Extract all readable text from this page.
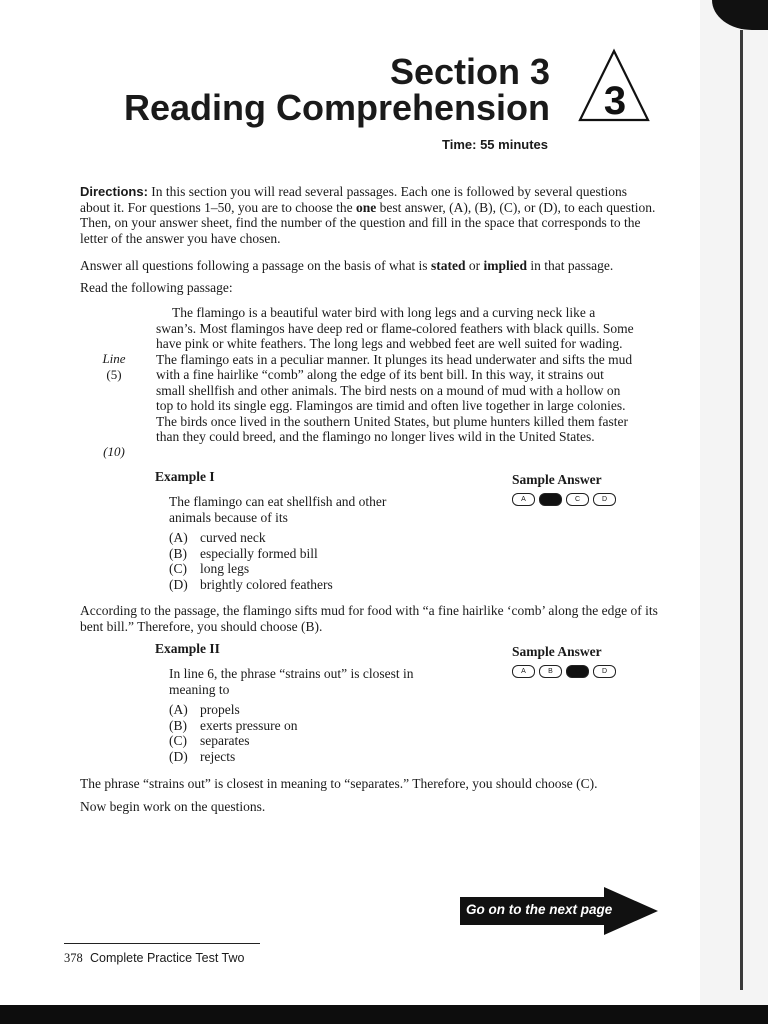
Section 3
Reading Comprehension 3
Time: 55 minutes
Directions: In this section you will read several passages. Each one is followed by several questions about it. For questions 1–50, you are to choose the one best answer, (A), (B), (C), or (D), to each question. Then, on your answer sheet, find the number of the question and fill in the space that corresponds to the letter of the answer you have chosen.
Answer all questions following a passage on the basis of what is stated or implied in that passage.
Read the following passage:

The flamingo is a beautiful water bird with long legs and a curving neck like a swan’s. Most flamingos have deep red or flame-colored feathers with black quills. Some have pink or white feathers. The long legs and webbed feet are well suited for wading. The flamingo eats in a peculiar manner. It plunges its head underwater and sifts the mud with a fine hairlike “comb” along the edge of its bent bill. In this way, it strains out small shellfish and other animals. The bird nests on a mound of mud with a hollow on top to hold its single egg. Flamingos are timid and often live together in large colonies. The birds once lived in the southern United States, but plume hunters killed them faster than they could breed, and the flamingo no longer lives wild in the United States.

Line
(5)
(10)
Example I	Sample Answer
A	B	C	D
The flamingo can eat shellfish and other animals because of its
(A) curved neck
(B) especially formed bill
(C) long legs
(D) brightly colored feathers
According to the passage, the flamingo sifts mud for food with “a fine hairlike ‘comb’ along the edge of its bent bill.” Therefore, you should choose (B).
Example II	Sample Answer
A	B	C	D
In line 6, the phrase “strains out” is closest in meaning to
(A) propels
(B) exerts pressure on
(C) separates
(D) rejects
The phrase “strains out” is closest in meaning to “separates.” Therefore, you should choose (C).
Now begin work on the questions.
Go on to the next page
378 Complete Practice Test Two
